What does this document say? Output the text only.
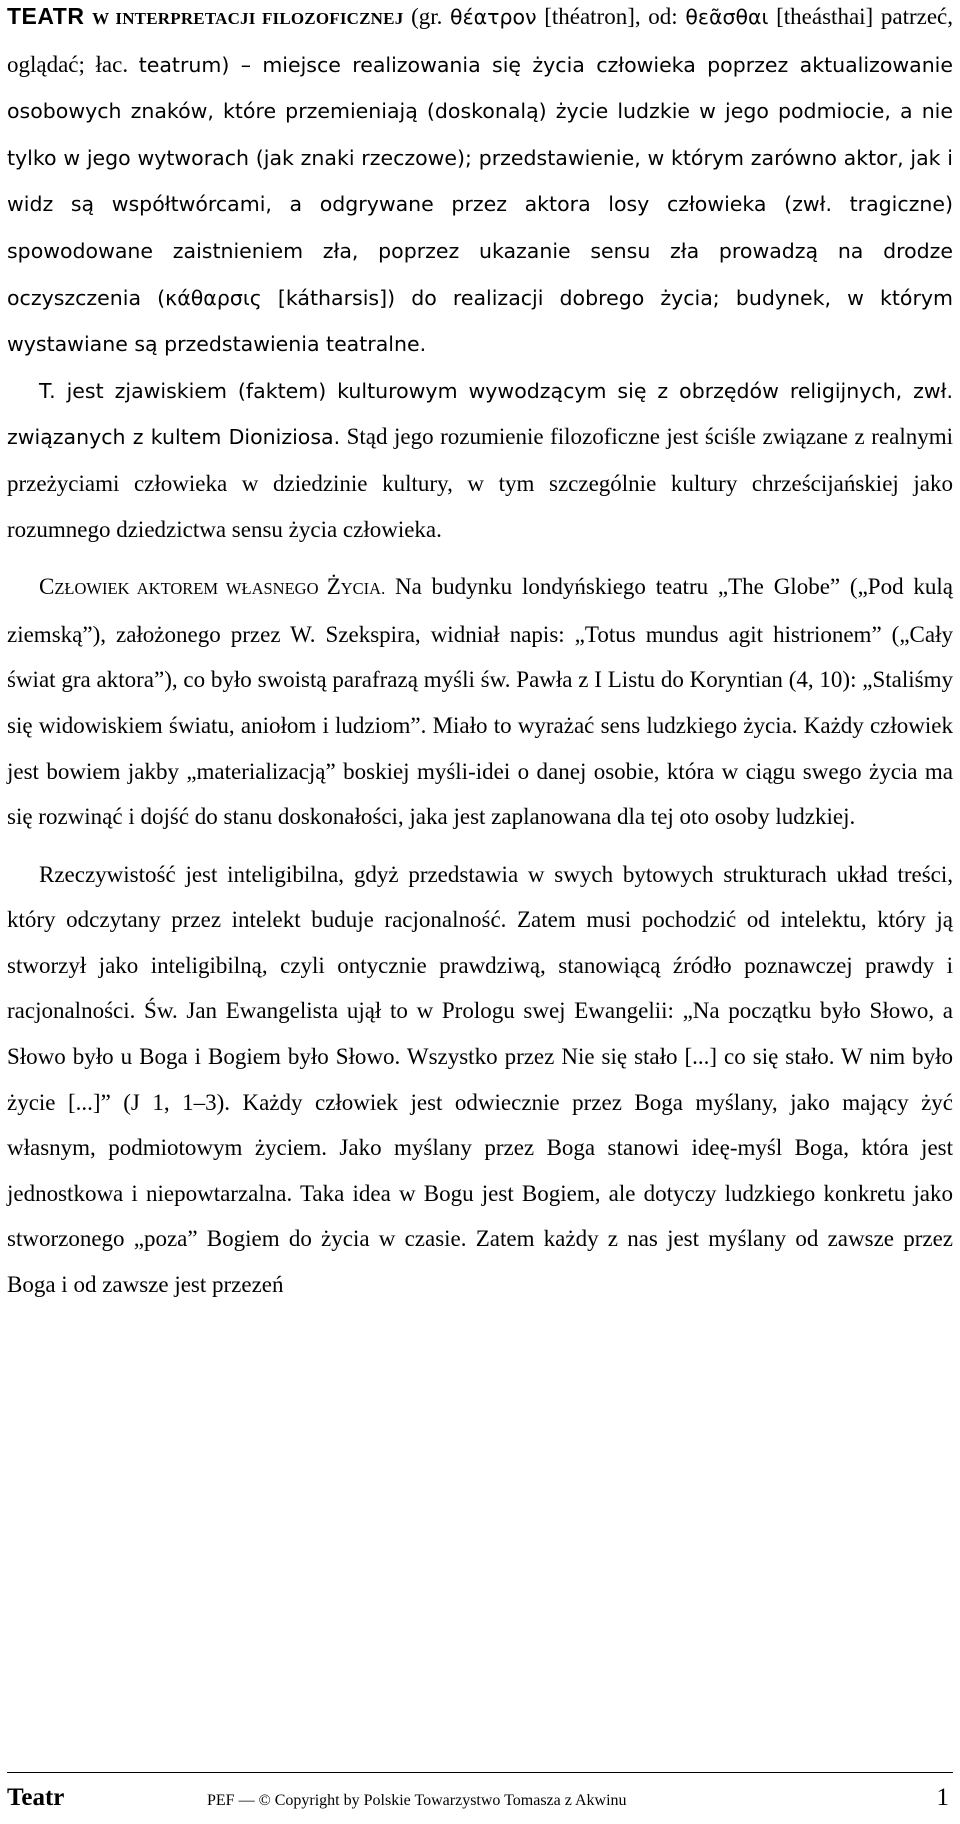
TEATR W INTERPRETACJI FILOZOFICZNEJ (gr. θέατρον [théatron], od: θεᾶσθαι [theásthai] patrzeć, oglądać; łac. teatrum) – miejsce realizowania się życia człowieka poprzez aktualizowanie osobowych znaków, które przemieniają (doskonalą) życie ludzkie w jego podmiocie, a nie tylko w jego wytworach (jak znaki rzeczowe); przedstawienie, w którym zarówno aktor, jak i widz są współtwórcami, a odgrywane przez aktora losy człowieka (zwł. tragiczne) spowodowane zaistnieniem zła, poprzez ukazanie sensu zła prowadzą na drodze oczyszczenia (κάθαρσις [kátharsis]) do realizacji dobrego życia; budynek, w którym wystawiane są przedstawienia teatralne.

T. jest zjawiskiem (faktem) kulturowym wywodzącym się z obrzędów religijnych, zwł. związanych z kultem Dioniziosa. Stąd jego rozumienie filozoficzne jest ściśle związane z realnymi przeżyciami człowieka w dziedzinie kultury, w tym szczególnie kultury chrześcijańskiej jako rozumnego dziedzictwa sensu życia człowieka.

CZŁOWIEK AKTOREM WŁASNEGO ŻYCIA. Na budynku londyńskiego teatru „The Globe” („Pod kulą ziemską”), założonego przez W. Szekspira, widniał napis: „Totus mundus agit histrionem” („Cały świat gra aktora”), co było swoistą parafrazą myśli św. Pawła z I Listu do Koryntian (4, 10): „Staliśmy się widowiskiem światu, aniołom i ludziom”. Miało to wyrażać sens ludzkiego życia. Każdy człowiek jest bowiem jakby „materializacją” boskiej myśli-idei o danej osobie, która w ciągu swego życia ma się rozwinąć i dojść do stanu doskonałości, jaka jest zaplanowana dla tej oto osoby ludzkiej.

Rzeczywistość jest inteligibilna, gdyż przedstawia w swych bytowych strukturach układ treści, który odczytany przez intelekt buduje racjonalność. Zatem musi pochodzić od intelektu, który ją stworzył jako inteligibilną, czyli ontycznie prawdziwą, stanowiącą źródło poznawczej prawdy i racjonalności. Św. Jan Ewangelista ujął to w Prologu swej Ewangelii: „Na początku było Słowo, a Słowo było u Boga i Bogiem było Słowo. Wszystko przez Nie się stało [...] co się stało. W nim było życie [...]” (J 1, 1–3). Każdy człowiek jest odwiecznie przez Boga myślany, jako mający żyć własnym, podmiotowym życiem. Jako myślany przez Boga stanowi ideę-myśl Boga, która jest jednostkowa i niepowtarzalna. Taka idea w Bogu jest Bogiem, ale dotyczy ludzkiego konkretu jako stworzonego „poza” Bogiem do życia w czasie. Zatem każdy z nas jest myślany od zawsze przez Boga i od zawsze jest przezeń

Teatr	PEF — © Copyright by Polskie Towarzystwo Tomasza z Akwinu	1
